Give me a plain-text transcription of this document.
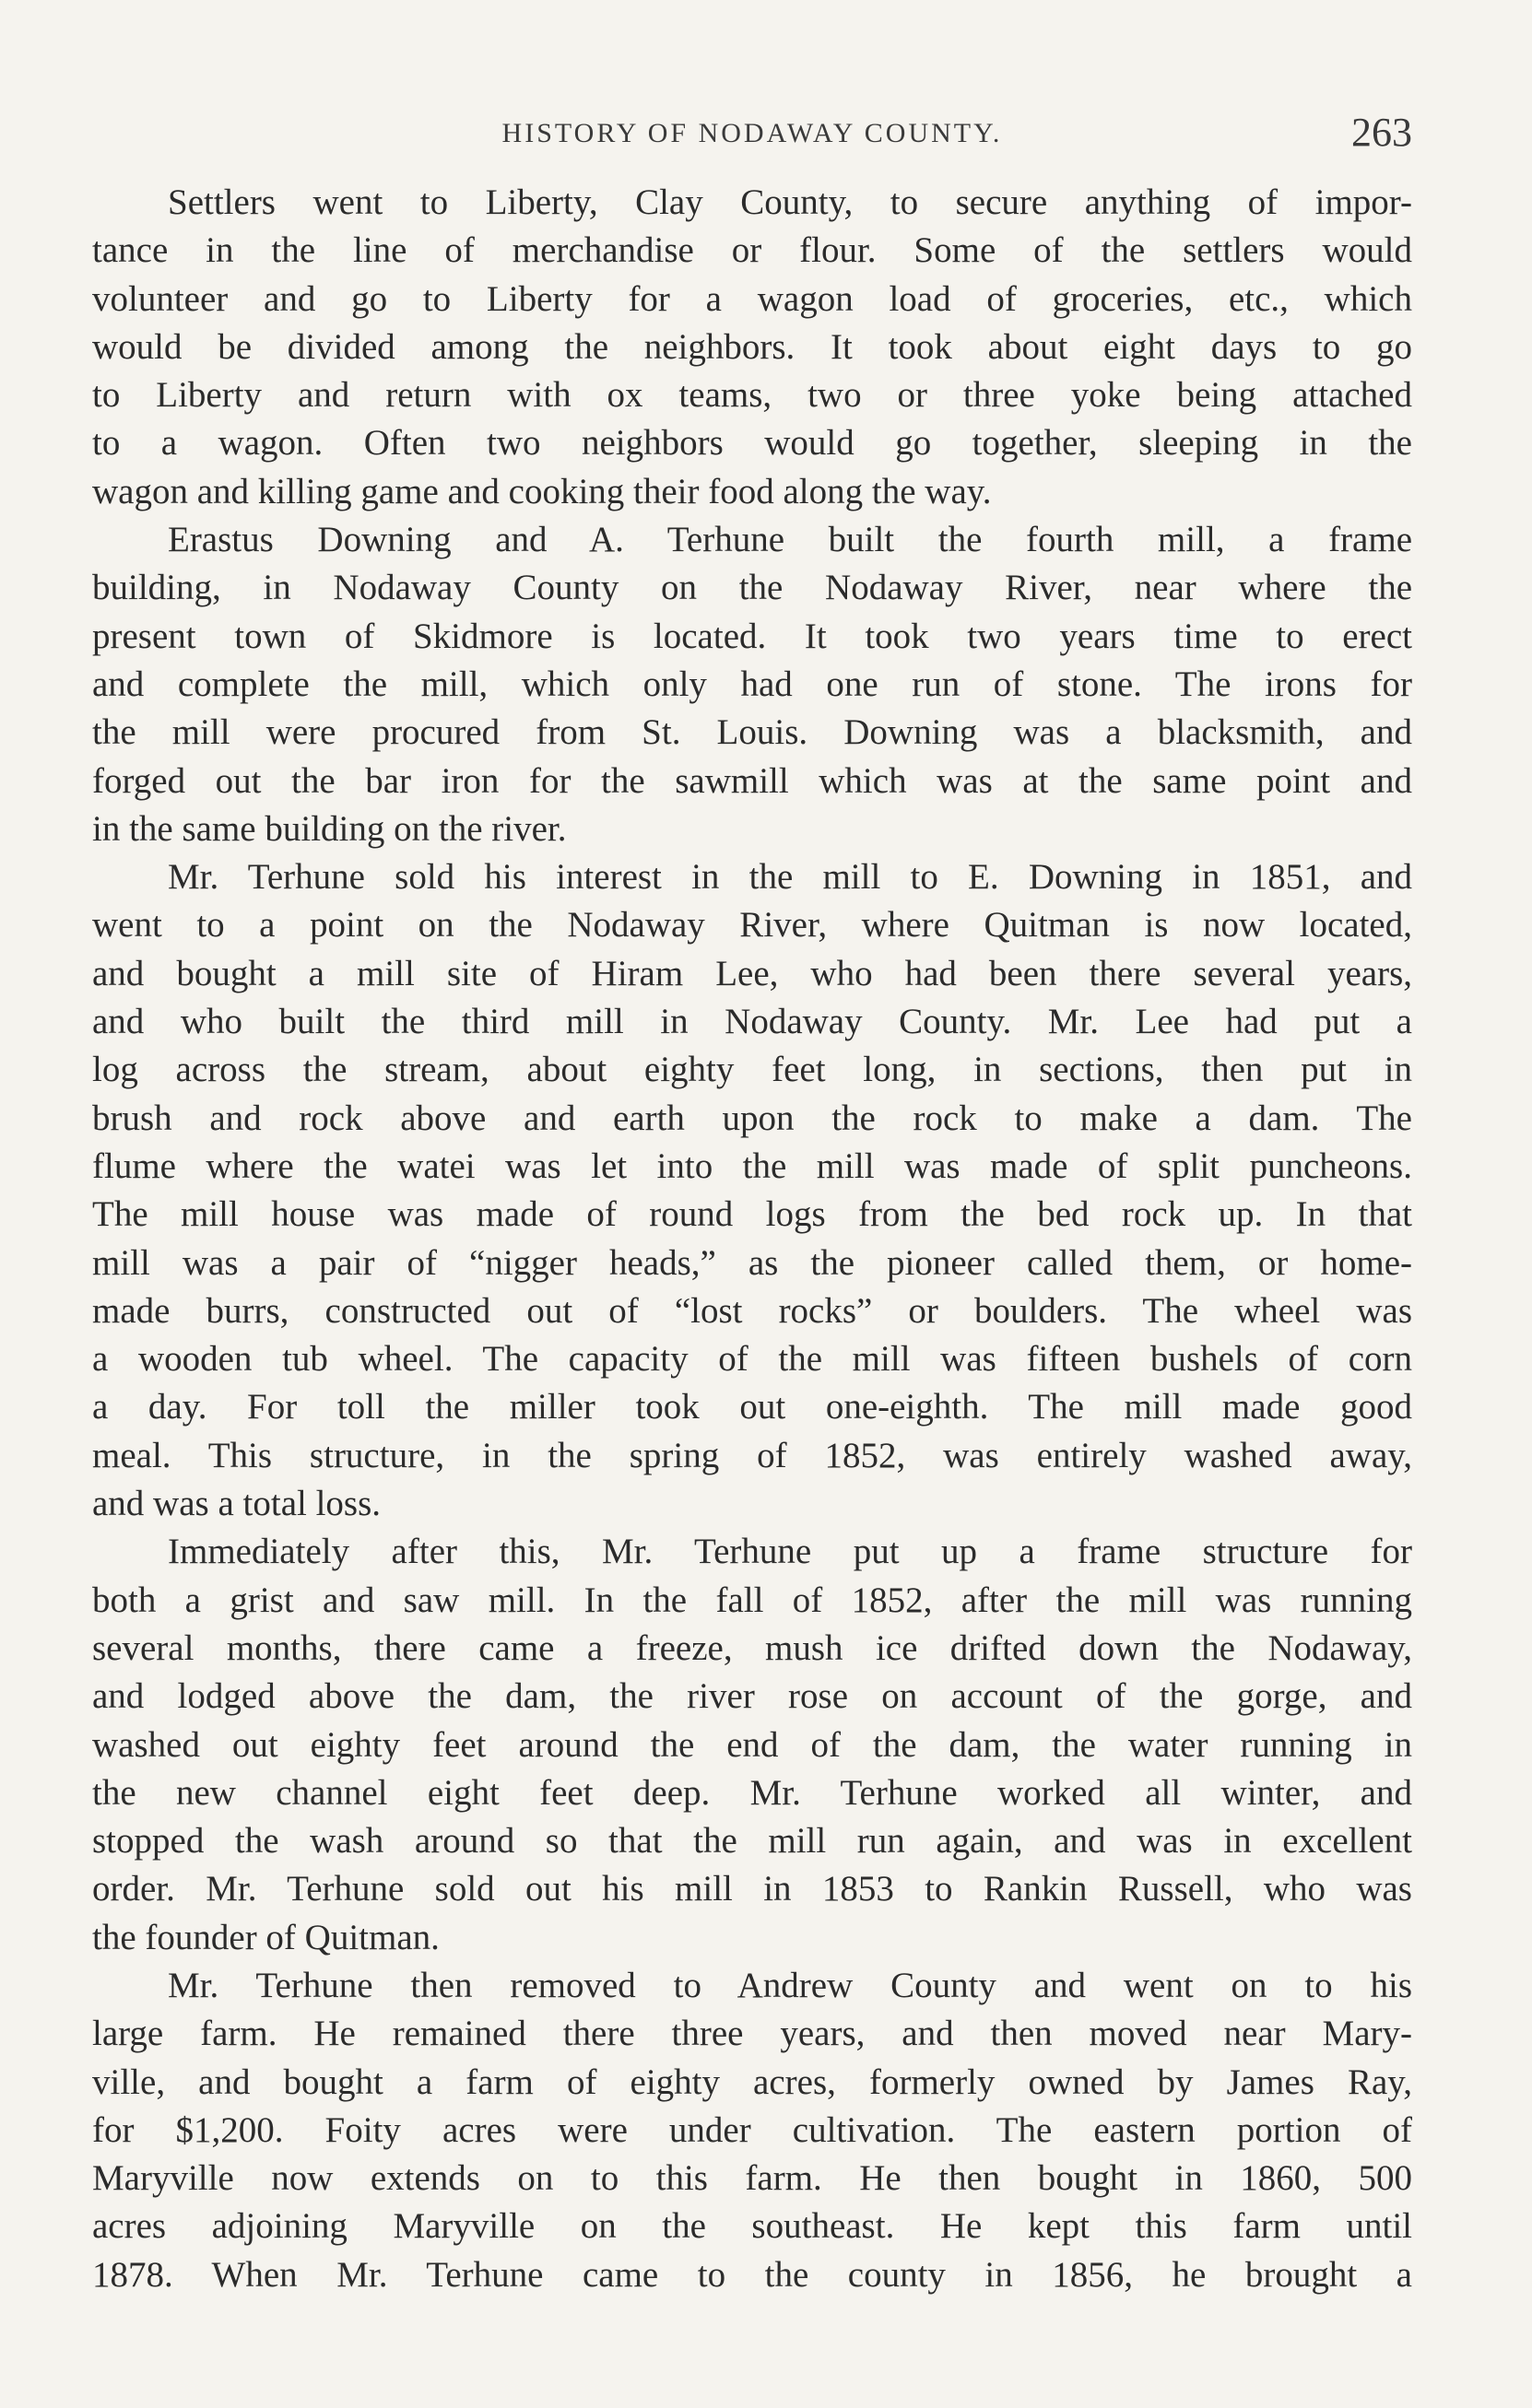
HISTORY OF NODAWAY COUNTY.	263
Settlers went to Liberty, Clay County, to secure anything of impor-
tance in the line of merchandise or flour. Some of the settlers would
volunteer and go to Liberty for a wagon load of groceries, etc., which
would be divided among the neighbors. It took about eight days to go
to Liberty and return with ox teams, two or three yoke being attached
to a wagon. Often two neighbors would go together, sleeping in the
wagon and killing game and cooking their food along the way.
Erastus Downing and A. Terhune built the fourth mill, a frame
building, in Nodaway County on the Nodaway River, near where the
present town of Skidmore is located. It took two years time to erect
and complete the mill, which only had one run of stone. The irons for
the mill were procured from St. Louis. Downing was a blacksmith, and
forged out the bar iron for the sawmill which was at the same point and
in the same building on the river.
Mr. Terhune sold his interest in the mill to E. Downing in 1851, and
went to a point on the Nodaway River, where Quitman is now located,
and bought a mill site of Hiram Lee, who had been there several years,
and who built the third mill in Nodaway County. Mr. Lee had put a
log across the stream, about eighty feet long, in sections, then put in
brush and rock above and earth upon the rock to make a dam. The
flume where the watei was let into the mill was made of split puncheons.
The mill house was made of round logs from the bed rock up. In that
mill was a pair of “nigger heads,” as the pioneer called them, or home-
made burrs, constructed out of “lost rocks” or boulders. The wheel was
a wooden tub wheel. The capacity of the mill was fifteen bushels of corn
a day. For toll the miller took out one-eighth. The mill made good
meal. This structure, in the spring of 1852, was entirely washed away,
and was a total loss.
Immediately after this, Mr. Terhune put up a frame structure for
both a grist and saw mill. In the fall of 1852, after the mill was running
several months, there came a freeze, mush ice drifted down the Nodaway,
and lodged above the dam, the river rose on account of the gorge, and
washed out eighty feet around the end of the dam, the water running in
the new channel eight feet deep. Mr. Terhune worked all winter, and
stopped the wash around so that the mill run again, and was in excellent
order. Mr. Terhune sold out his mill in 1853 to Rankin Russell, who was
the founder of Quitman.
Mr. Terhune then removed to Andrew County and went on to his
large farm. He remained there three years, and then moved near Mary-
ville, and bought a farm of eighty acres, formerly owned by James Ray,
for $1,200. Foity acres were under cultivation. The eastern portion of
Maryville now extends on to this farm. He then bought in 1860, 500
acres adjoining Maryville on the southeast. He kept this farm until
1878. When Mr. Terhune came to the county in 1856, he brought a
